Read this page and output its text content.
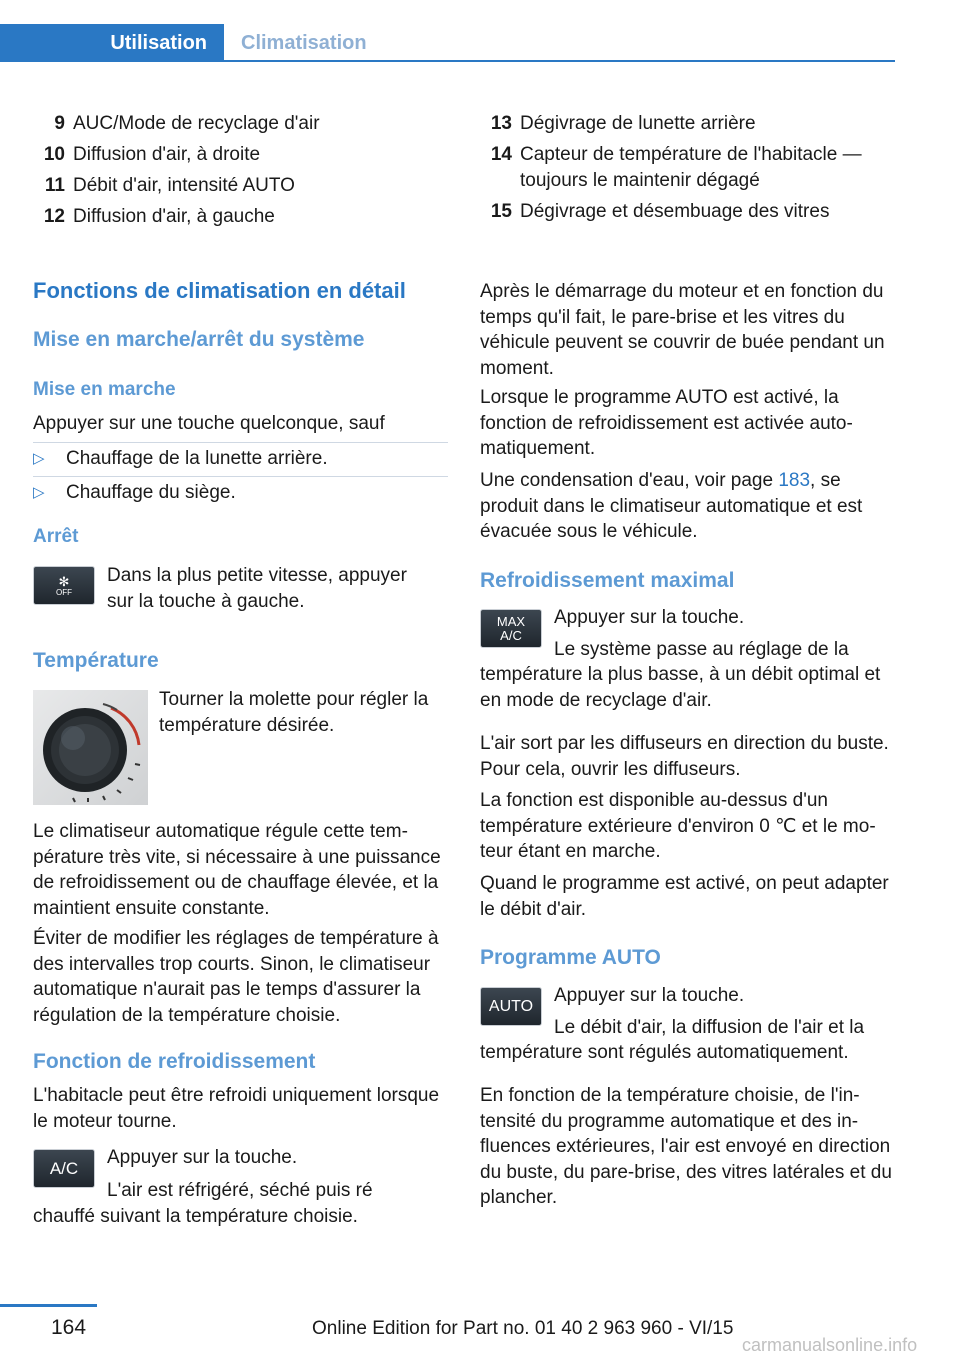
Utilisation	Climatisation
9 AUC/Mode de recyclage d'air
10 Diffusion d'air, à droite
11 Débit d'air, intensité AUTO
12 Diffusion d'air, à gauche
13 Dégivrage de lunette arrière
14 Capteur de température de l'habitacle — toujours le maintenir dégagé
15 Dégivrage et désembuage des vitres
Fonctions de climatisation en détail
Mise en marche/arrêt du système
Mise en marche

Appuyer sur une touche quelconque, sauf

▷	Chauffage de la lunette arrière.
▷	Chauffage du siège.
Arrêt
✻
OFF

Dans la plus petite vitesse, appuyer sur la touche à gauche.

Température

Tourner la molette pour régler la température désirée.

Le climatiseur automatique régule cette température très vite, si nécessaire à une puissance de refroidissement ou de chauffage élevée, et la maintient ensuite constante.

Éviter de modifier les réglages de température à des intervalles trop courts. Sinon, le climatiseur automatique n'aurait pas le temps d'assurer la régulation de la température choisie.

Fonction de refroidissement

L'habitacle peut être refroidi uniquement lorsque le moteur tourne.

A/C	Appuyer sur la touche.

L'air est réfrigéré, séché puis ré

chauffé suivant la température choisie.

Après le démarrage du moteur et en fonction du temps qu'il fait, le pare-brise et les vitres du véhicule peuvent se couvrir de buée pendant un moment.

Lorsque le programme AUTO est activé, la fonction de refroidissement est activée automatiquement.

Une condensation d'eau, voir page 183, se produit dans le climatiseur automatique et est évacuée sous le véhicule.

Refroidissement maximal
MAX
A/C

Appuyer sur la touche.

Le système passe au réglage de la

température la plus basse, à un débit optimal et en mode de recyclage d'air.

L'air sort par les diffuseurs en direction du buste. Pour cela, ouvrir les diffuseurs.

La fonction est disponible au-dessus d'un température extérieure d'environ 0 ℃ et le moteur étant en marche.

Quand le programme est activé, on peut adapter le débit d'air.

Programme AUTO
AUTO	Appuyer sur la touche.

Le débit d'air, la diffusion de l'air et la

température sont régulés automatiquement.

En fonction de la température choisie, de l'intensité du programme automatique et des influences extérieures, l'air est envoyé en direction du buste, du pare-brise, des vitres latérales et du plancher.

164	Online Edition for Part no. 01 40 2 963 960 - VI/15
carmanualsonline.info
